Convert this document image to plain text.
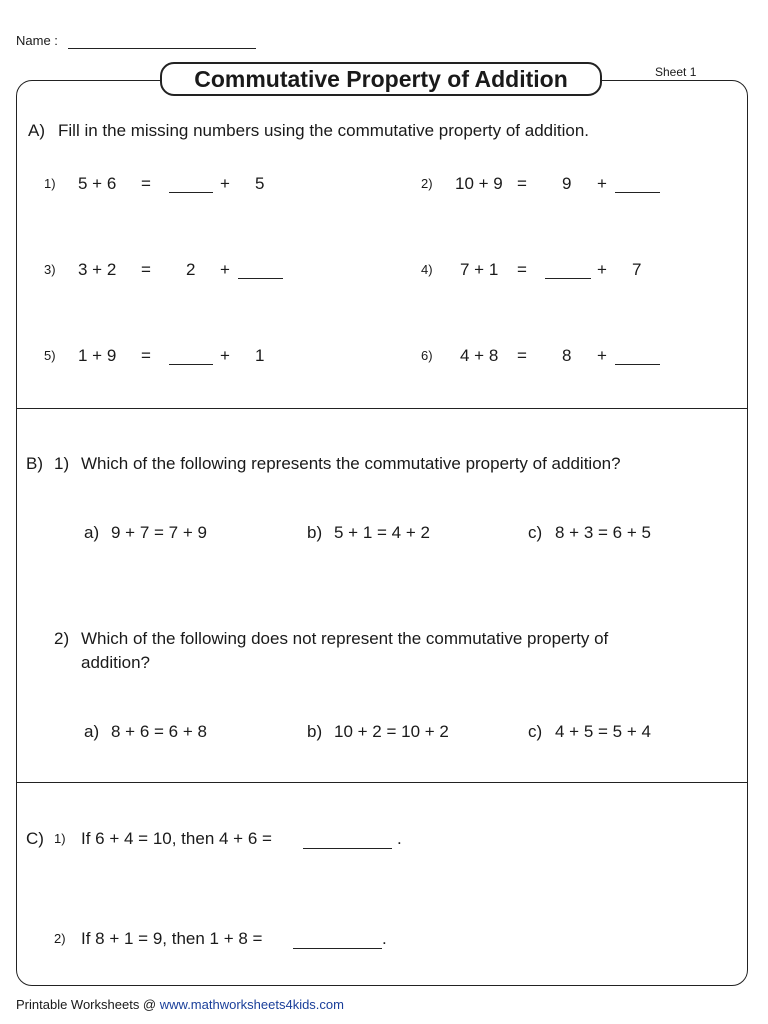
Name :
Sheet 1
Commutative Property of Addition
A) Fill in the missing numbers using the commutative property of addition.
1) 5 + 6 =	+ 5	2) 10 + 9 = 9 +
3) 3 + 2 = 2 +	4) 7 + 1 =	+ 7
5) 1 + 9 =	+ 1	6) 4 + 8 = 8 +
B) 1) Which of the following represents the commutative property of addition?
a) 9 + 7 = 7 + 9	b) 5 + 1 = 4 + 2	c) 8 + 3 = 6 + 5
2) Which of the following does not represent the commutative property of
addition?
a) 8 + 6 = 6 + 8	b) 10 + 2 = 10 + 2	c) 4 + 5 = 5 + 4
C) 1) If 6 + 4 = 10, then 4 + 6 =	.
2) If 8 + 1 = 9, then 1 + 8 =	.
Printable Worksheets @ www.mathworksheets4kids.com
